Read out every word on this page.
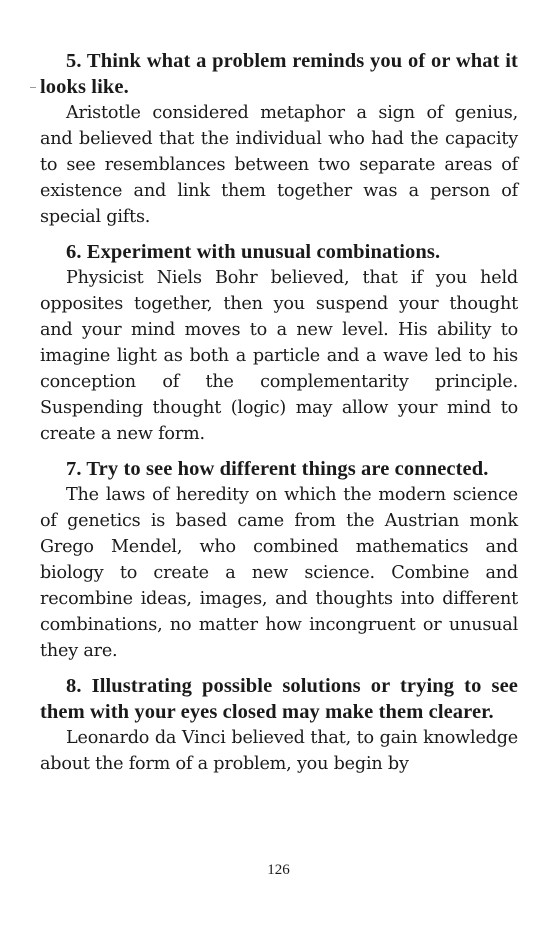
5. Think what a problem reminds you of or what it looks like.

Aristotle considered metaphor a sign of genius, and believed that the individual who had the capacity to see resemblances between two separate areas of existence and link them together was a person of special gifts.

6. Experiment with unusual combinations.

Physicist Niels Bohr believed, that if you held opposites together, then you suspend your thought and your mind moves to a new level. His ability to imagine light as both a particle and a wave led to his conception of the complementarity principle. Suspending thought (logic) may allow your mind to create a new form.

7. Try to see how different things are connected.

The laws of heredity on which the modern science of genetics is based came from the Austrian monk Grego Mendel, who combined mathematics and biology to create a new science. Combine and recombine ideas, images, and thoughts into different combinations, no matter how incongruent or unusual they are.

8. Illustrating possible solutions or trying to see them with your eyes closed may make them clearer.

Leonardo da Vinci believed that, to gain knowledge about the form of a problem, you begin by

126
